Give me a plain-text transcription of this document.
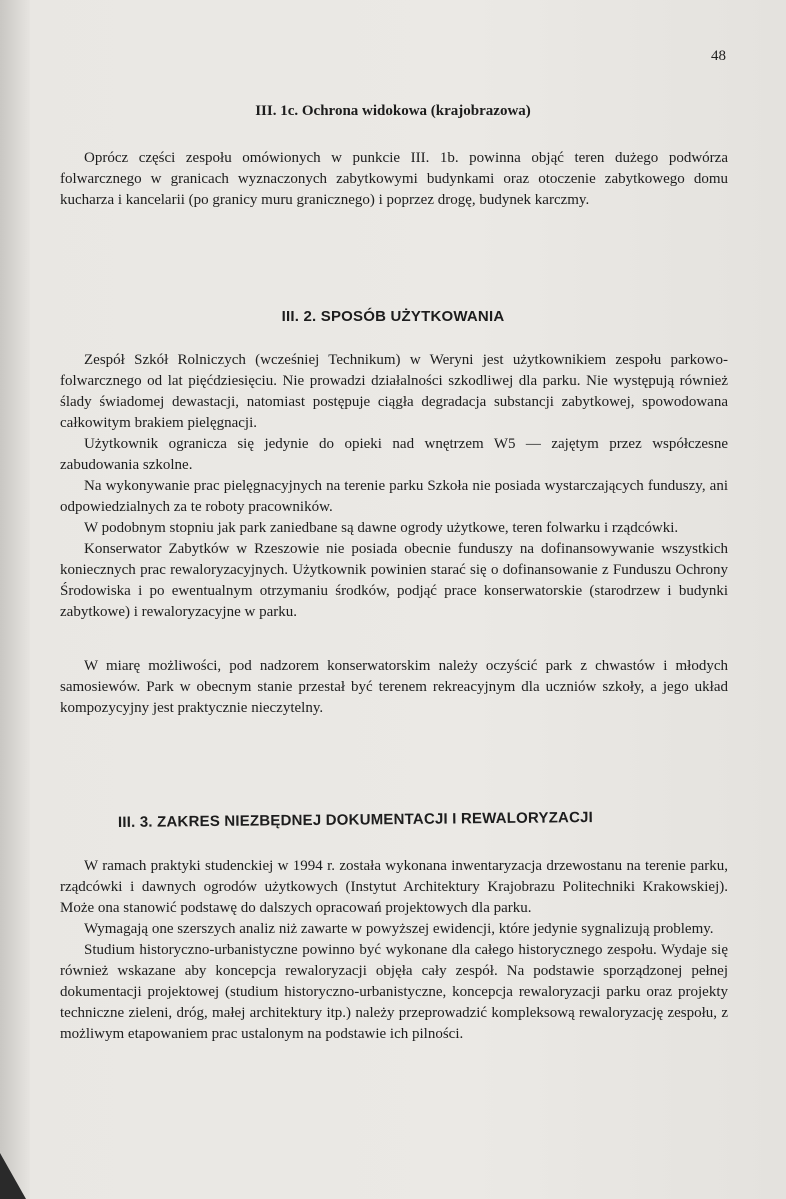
48
III. 1c. Ochrona widokowa (krajobrazowa)

Oprócz części zespołu omówionych w punkcie III. 1b. powinna objąć teren dużego podwórza folwarcznego w granicach wyznaczonych zabytkowymi budynkami oraz otoczenie zabytkowego domu kucharza i kancelarii (po granicy muru granicznego) i poprzez drogę, budynek karczmy.

III. 2. SPOSÓB UŻYTKOWANIA

Zespół Szkół Rolniczych (wcześniej Technikum) w Weryni jest użytkownikiem zespołu parkowo-folwarcznego od lat pięćdziesięciu. Nie prowadzi działalności szkodliwej dla parku. Nie występują również ślady świadomej dewastacji, natomiast postępuje ciągła degradacja substancji zabytkowej, spowodowana całkowitym brakiem pielęgnacji.

Użytkownik ogranicza się jedynie do opieki nad wnętrzem W5 — zajętym przez współczesne zabudowania szkolne.

Na wykonywanie prac pielęgnacyjnych na terenie parku Szkoła nie posiada wystarczających funduszy, ani odpowiedzialnych za te roboty pracowników.

W podobnym stopniu jak park zaniedbane są dawne ogrody użytkowe, teren folwarku i rządcówki.

Konserwator Zabytków w Rzeszowie nie posiada obecnie funduszy na dofinansowywanie wszystkich koniecznych prac rewaloryzacyjnych. Użytkownik powinien starać się o dofinansowanie z Funduszu Ochrony Środowiska i po ewentualnym otrzymaniu środków, podjąć prace konserwatorskie (starodrzew i budynki zabytkowe) i rewaloryzacyjne w parku.

W miarę możliwości, pod nadzorem konserwatorskim należy oczyścić park z chwastów i młodych samosiewów. Park w obecnym stanie przestał być terenem rekreacyjnym dla uczniów szkoły, a jego układ kompozycyjny jest praktycznie nieczytelny.

III. 3. ZAKRES NIEZBĘDNEJ DOKUMENTACJI I REWALORYZACJI

W ramach praktyki studenckiej w 1994 r. została wykonana inwentaryzacja drzewostanu na terenie parku, rządcówki i dawnych ogrodów użytkowych (Instytut Architektury Krajobrazu Politechniki Krakowskiej). Może ona stanowić podstawę do dalszych opracowań projektowych dla parku.

Wymagają one szerszych analiz niż zawarte w powyższej ewidencji, które jedynie sygnalizują problemy.

Studium historyczno-urbanistyczne powinno być wykonane dla całego historycznego zespołu. Wydaje się również wskazane aby koncepcja rewaloryzacji objęła cały zespół. Na podstawie sporządzonej pełnej dokumentacji projektowej (studium historyczno-urbanistyczne, koncepcja rewaloryzacji parku oraz projekty techniczne zieleni, dróg, małej architektury itp.) należy przeprowadzić kompleksową rewaloryzację zespołu, z możliwym etapowaniem prac ustalonym na podstawie ich pilności.
